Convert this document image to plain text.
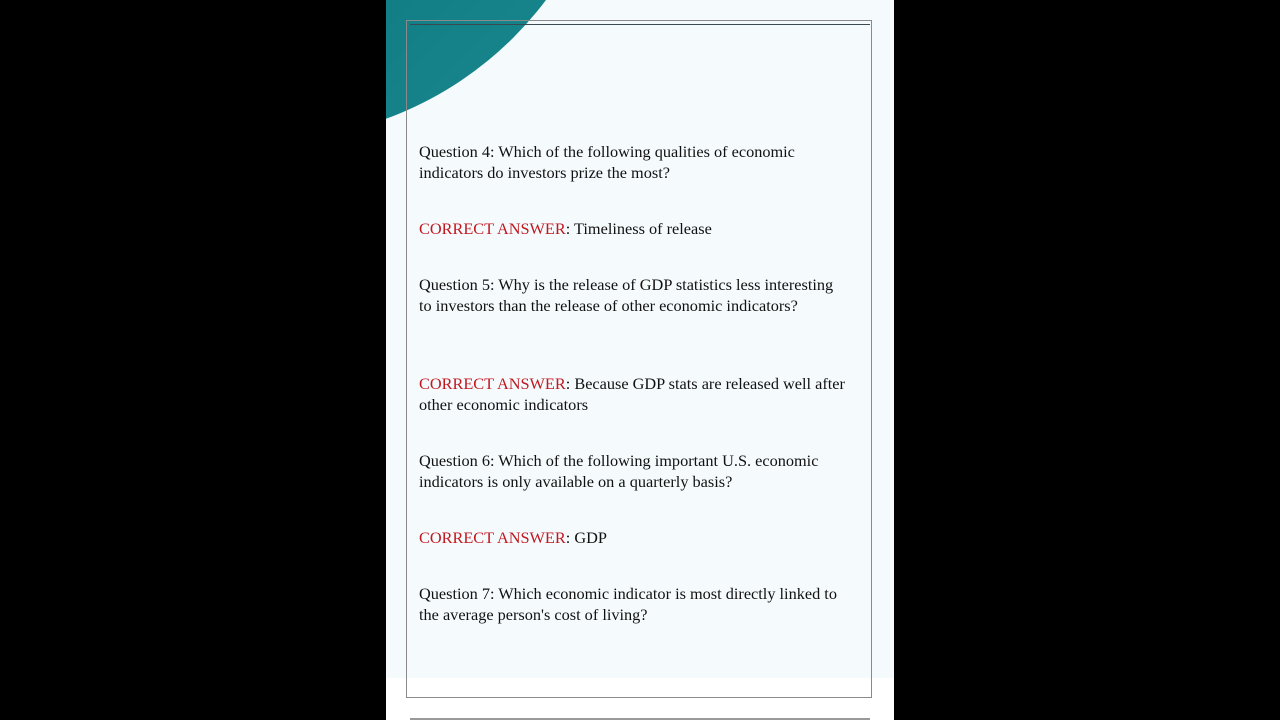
Question 4: Which of the following qualities of economic indicators do investors prize the most?

CORRECT ANSWER: Timeliness of release

Question 5: Why is the release of GDP statistics less interesting to investors than the release of other economic indicators?

CORRECT ANSWER: Because GDP stats are released well after other economic indicators

Question 6: Which of the following important U.S. economic indicators is only available on a quarterly basis?

CORRECT ANSWER: GDP

Question 7: Which economic indicator is most directly linked to the average person's cost of living?
